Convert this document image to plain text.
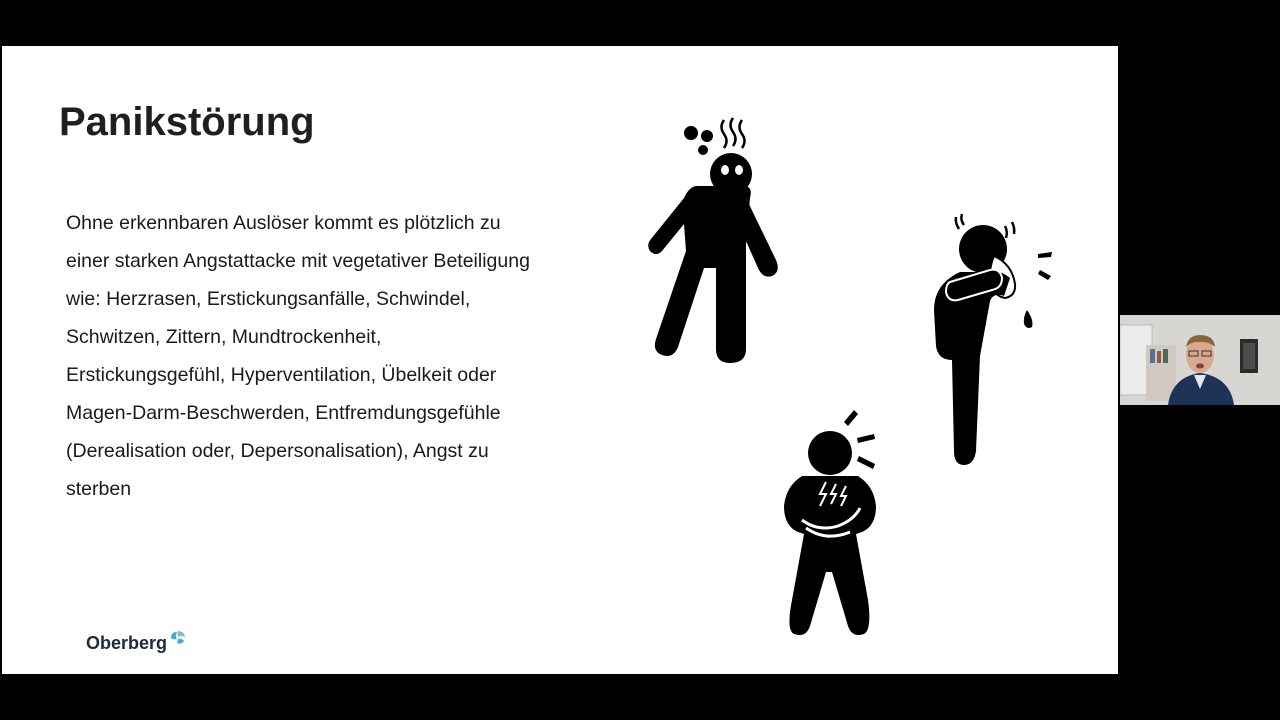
Panikstörung

Ohne erkennbaren Auslöser kommt es plötzlich zu einer starken Angstattacke mit vegetativer Beteiligung wie: Herzrasen, Erstickungsanfälle, Schwindel, Schwitzen, Zittern, Mundtrockenheit, Erstickungsgefühl, Hyperventilation, Übelkeit oder Magen-Darm-Beschwerden, Entfremdungsgefühle (Derealisation oder, Depersonalisation), Angst zu sterben

Oberberg
